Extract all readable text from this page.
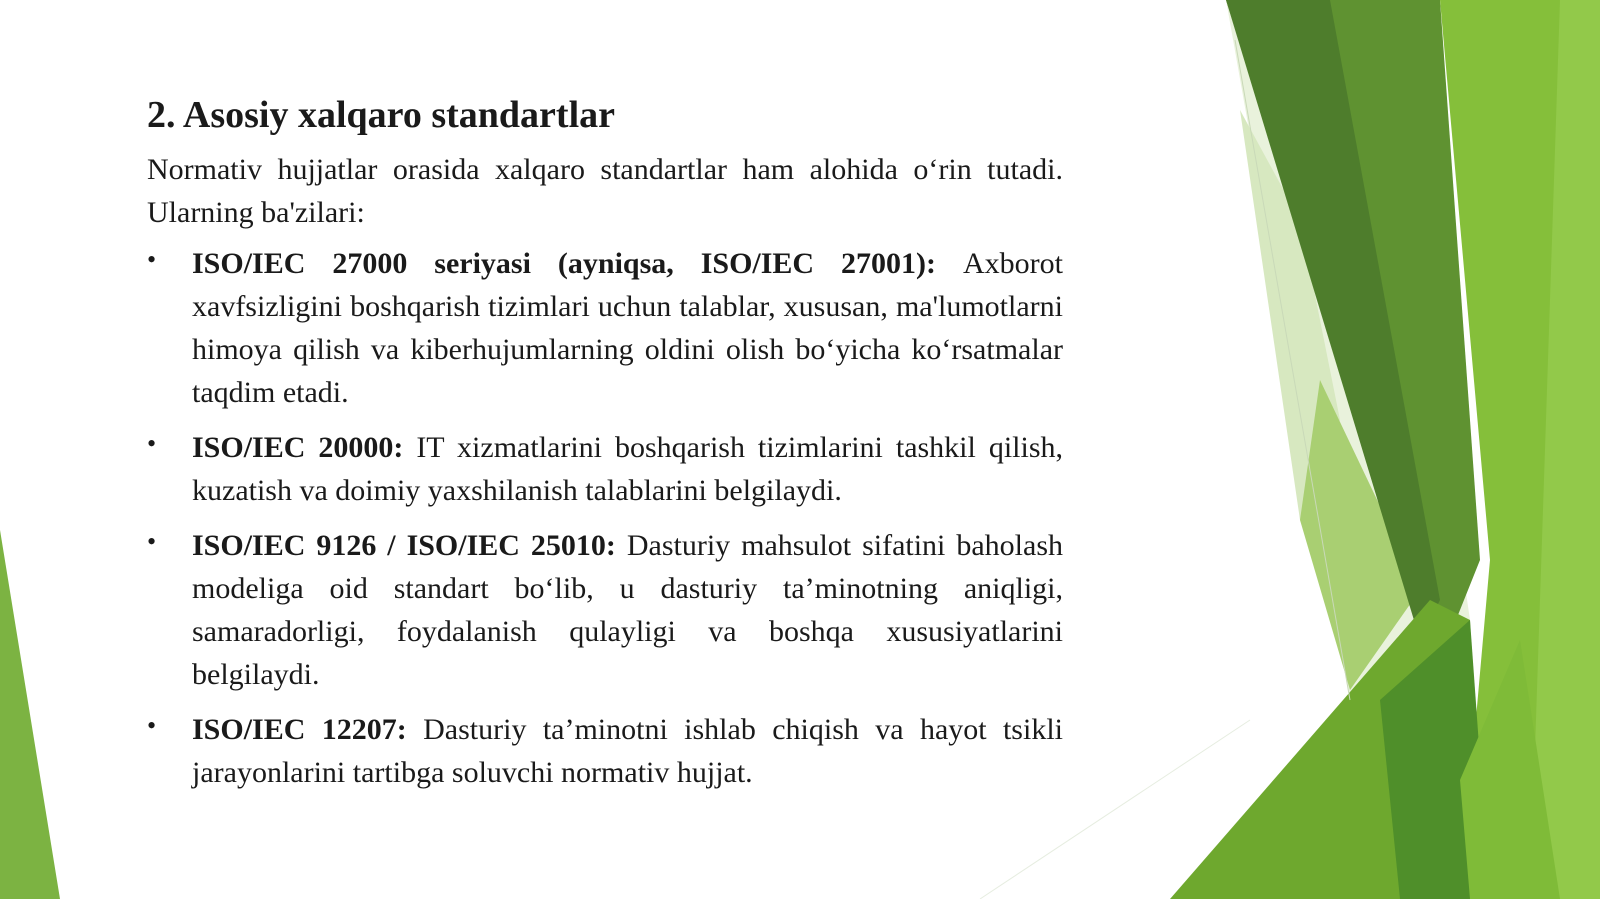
2. Asosiy xalqaro standartlar

Normativ hujjatlar orasida xalqaro standartlar ham alohida o‘rin tutadi. Ularning ba'zilari:

• ISO/IEC 27000 seriyasi (ayniqsa, ISO/IEC 27001): Axborot xavfsizligini boshqarish tizimlari uchun talablar, xususan, ma'lumotlarni himoya qilish va kiberhujumlarning oldini olish bo‘yicha ko‘rsatmalar taqdim etadi.
• ISO/IEC 20000: IT xizmatlarini boshqarish tizimlarini tashkil qilish, kuzatish va doimiy yaxshilanish talablarini belgilaydi.
• ISO/IEC 9126 / ISO/IEC 25010: Dasturiy mahsulot sifatini baholash modeliga oid standart bo‘lib, u dasturiy ta’minotning aniqligi, samaradorligi, foydalanish qulayligi va boshqa xususiyatlarini belgilaydi.
• ISO/IEC 12207: Dasturiy ta’minotni ishlab chiqish va hayot tsikli jarayonlarini tartibga soluvchi normativ hujjat.
